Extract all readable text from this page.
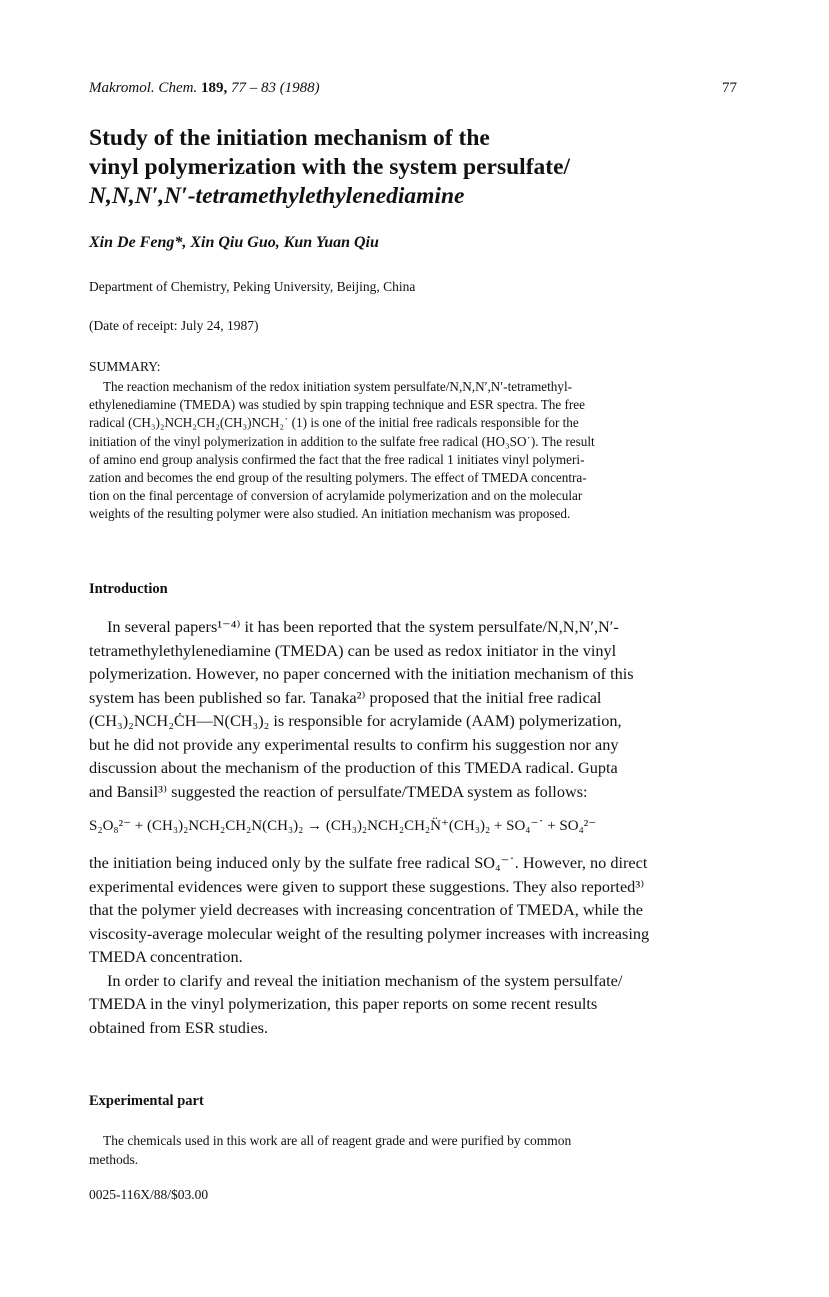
Makromol. Chem. 189, 77 – 83 (1988)	77
Study of the initiation mechanism of the
vinyl polymerization with the system persulfate/
N,N,N′,N′-tetramethylethylenediamine
Xin De Feng*, Xin Qiu Guo, Kun Yuan Qiu
Department of Chemistry, Peking University, Beijing, China
(Date of receipt: July 24, 1987)
SUMMARY:
The reaction mechanism of the redox initiation system persulfate/N,N,N′,N′-tetramethyl-
ethylenediamine (TMEDA) was studied by spin trapping technique and ESR spectra. The free
radical (CH₃)₂NCH₂CH₂(CH₃)NCH₂˙ (1) is one of the initial free radicals responsible for the
initiation of the vinyl polymerization in addition to the sulfate free radical (HO₃SO˙). The result
of amino end group analysis confirmed the fact that the free radical 1 initiates vinyl polymeri-
zation and becomes the end group of the resulting polymers. The effect of TMEDA concentra-
tion on the final percentage of conversion of acrylamide polymerization and on the molecular
weights of the resulting polymer were also studied. An initiation mechanism was proposed.
Introduction
In several papers¹⁻⁴⁾ it has been reported that the system persulfate/N,N,N′,N′-
tetramethylethylenediamine (TMEDA) can be used as redox initiator in the vinyl
polymerization. However, no paper concerned with the initiation mechanism of this
system has been published so far. Tanaka²⁾ proposed that the initial free radical
(CH₃)₂NCH₂ĊH—N(CH₃)₂ is responsible for acrylamide (AAM) polymerization,
but he did not provide any experimental results to confirm his suggestion nor any
discussion about the mechanism of the production of this TMEDA radical. Gupta
and Bansil³⁾ suggested the reaction of persulfate/TMEDA system as follows:
S₂O₈²⁻ + (CH₃)₂NCH₂CH₂N(CH₃)₂ → (CH₃)₂NCH₂CH₂N̈⁺(CH₃)₂ + SO₄⁻˙ + SO₄²⁻
the initiation being induced only by the sulfate free radical SO₄⁻˙. However, no direct
experimental evidences were given to support these suggestions. They also reported³⁾
that the polymer yield decreases with increasing concentration of TMEDA, while the
viscosity-average molecular weight of the resulting polymer increases with increasing
TMEDA concentration.
In order to clarify and reveal the initiation mechanism of the system persulfate/
TMEDA in the vinyl polymerization, this paper reports on some recent results
obtained from ESR studies.
Experimental part
The chemicals used in this work are all of reagent grade and were purified by common
methods.
0025-116X/88/$03.00
